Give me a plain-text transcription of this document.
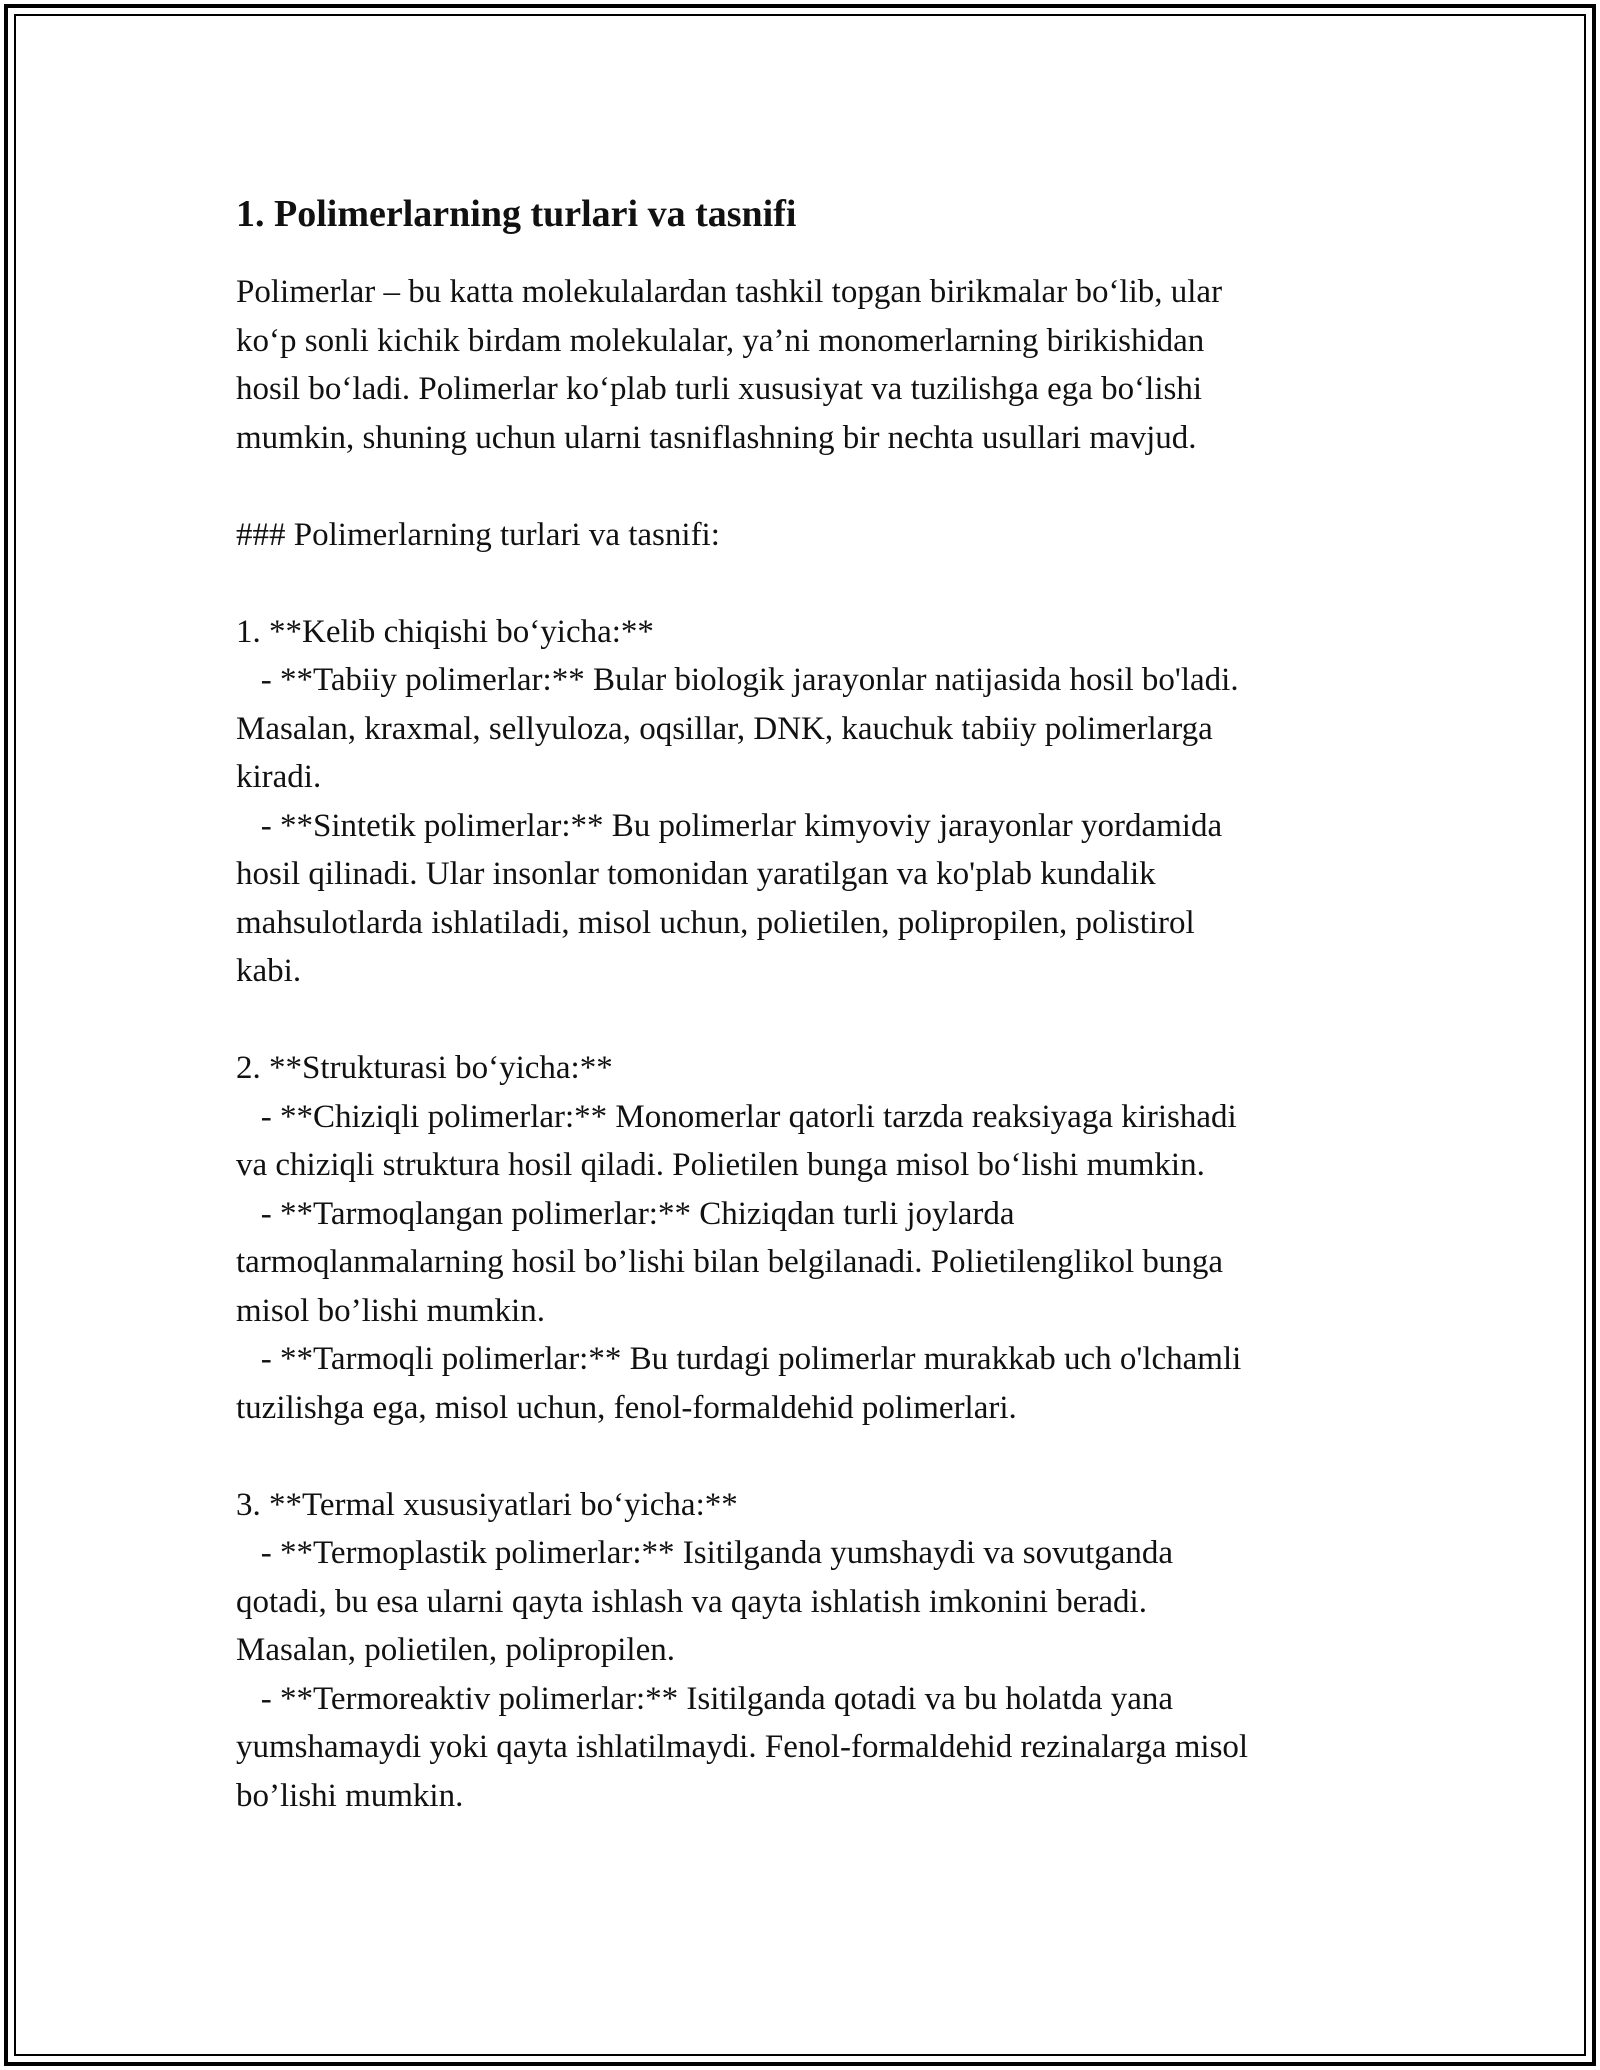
1. Polimerlarning turlari va tasnifi
Polimerlar – bu katta molekulalardan tashkil topgan birikmalar bo‘lib, ular
ko‘p sonli kichik birdam molekulalar, ya’ni monomerlarning birikishidan
hosil bo‘ladi. Polimerlar ko‘plab turli xususiyat va tuzilishga ega bo‘lishi
mumkin, shuning uchun ularni tasniflashning bir nechta usullari mavjud.
### Polimerlarning turlari va tasnifi:
1. **Kelib chiqishi bo‘yicha:**
- **Tabiiy polimerlar:** Bular biologik jarayonlar natijasida hosil bo'ladi.
Masalan, kraxmal, sellyuloza, oqsillar, DNK, kauchuk tabiiy polimerlarga
kiradi.
- **Sintetik polimerlar:** Bu polimerlar kimyoviy jarayonlar yordamida
hosil qilinadi. Ular insonlar tomonidan yaratilgan va ko'plab kundalik
mahsulotlarda ishlatiladi, misol uchun, polietilen, polipropilen, polistirol
kabi.
2. **Strukturasi bo‘yicha:**
- **Chiziqli polimerlar:** Monomerlar qatorli tarzda reaksiyaga kirishadi
va chiziqli struktura hosil qiladi. Polietilen bunga misol bo‘lishi mumkin.
- **Tarmoqlangan polimerlar:** Chiziqdan turli joylarda
tarmoqlanmalarning hosil bo’lishi bilan belgilanadi. Polietilenglikol bunga
misol bo’lishi mumkin.
- **Tarmoqli polimerlar:** Bu turdagi polimerlar murakkab uch o'lchamli
tuzilishga ega, misol uchun, fenol-formaldehid polimerlari.
3. **Termal xususiyatlari bo‘yicha:**
- **Termoplastik polimerlar:** Isitilganda yumshaydi va sovutganda
qotadi, bu esa ularni qayta ishlash va qayta ishlatish imkonini beradi.
Masalan, polietilen, polipropilen.
- **Termoreaktiv polimerlar:** Isitilganda qotadi va bu holatda yana
yumshamaydi yoki qayta ishlatilmaydi. Fenol-formaldehid rezinalarga misol
bo’lishi mumkin.
